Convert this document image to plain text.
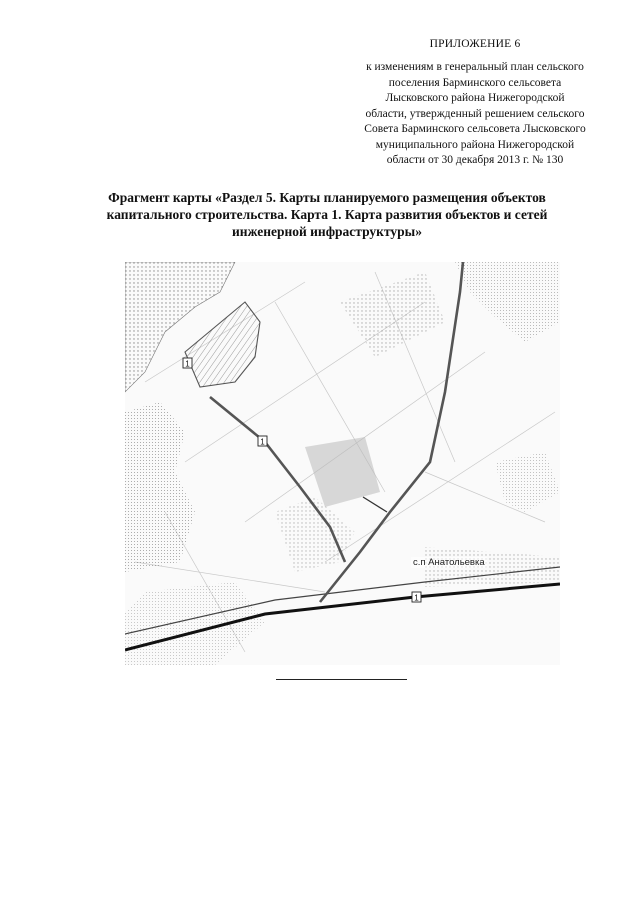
ПРИЛОЖЕНИЕ 6
к изменениям в генеральный план сельского
поселения Барминского сельсовета
Лысковского района Нижегородской
области, утвержденный решением сельского
Совета Барминского сельсовета Лысковского
муниципального района Нижегородской
области от 30 декабря 2013 г. № 130
Фрагмент карты «Раздел 5. Карты планируемого размещения объектов
капитального строительства. Карта 1. Карта развития объектов и сетей
инженерной инфраструктуры»
1
1
1
с.п Анатольевка
